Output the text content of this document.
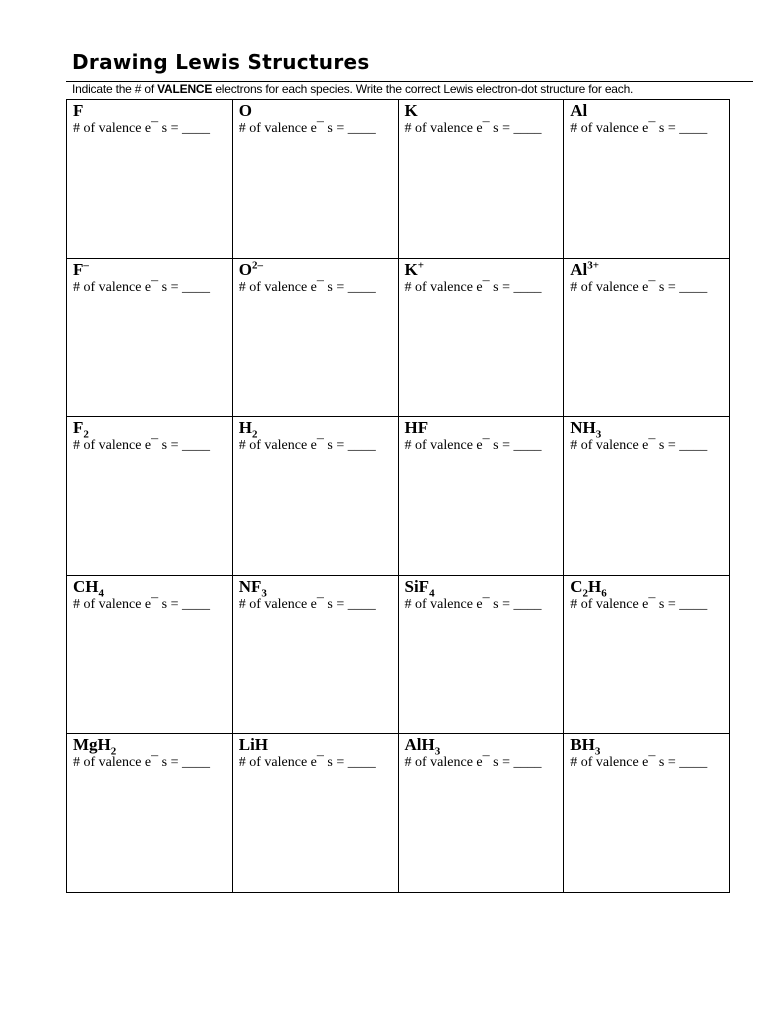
Drawing Lewis Structures
Indicate the # of VALENCE electrons for each species. Write the correct Lewis electron-dot structure for each.
F
# of valence e¯ s = ____
O
# of valence e¯ s = ____
K
# of valence e¯ s = ____
Al
# of valence e¯ s = ____
F–
# of valence e¯ s = ____
$O^{2-}$
# of valence e¯ s = ____
K+
# of valence e¯ s = ____
$Al^{3+}$
# of valence e¯ s = ____
$F_2$
# of valence e¯ s = ____
$H_2$
# of valence e¯ s = ____
HF
# of valence e¯ s = ____
$NH_3$
# of valence e¯ s = ____
$CH_4$
# of valence e¯ s = ____
$NF_3$
# of valence e¯ s = ____
SiF$_4$
# of valence e¯ s = ____
$C_2H_6$
# of valence e¯ s = ____
MgH$_2$
# of valence e¯ s = ____
LiH
# of valence e¯ s = ____
AlH$_3$
# of valence e¯ s = ____
$BH_3$
# of valence e¯ s = ____
